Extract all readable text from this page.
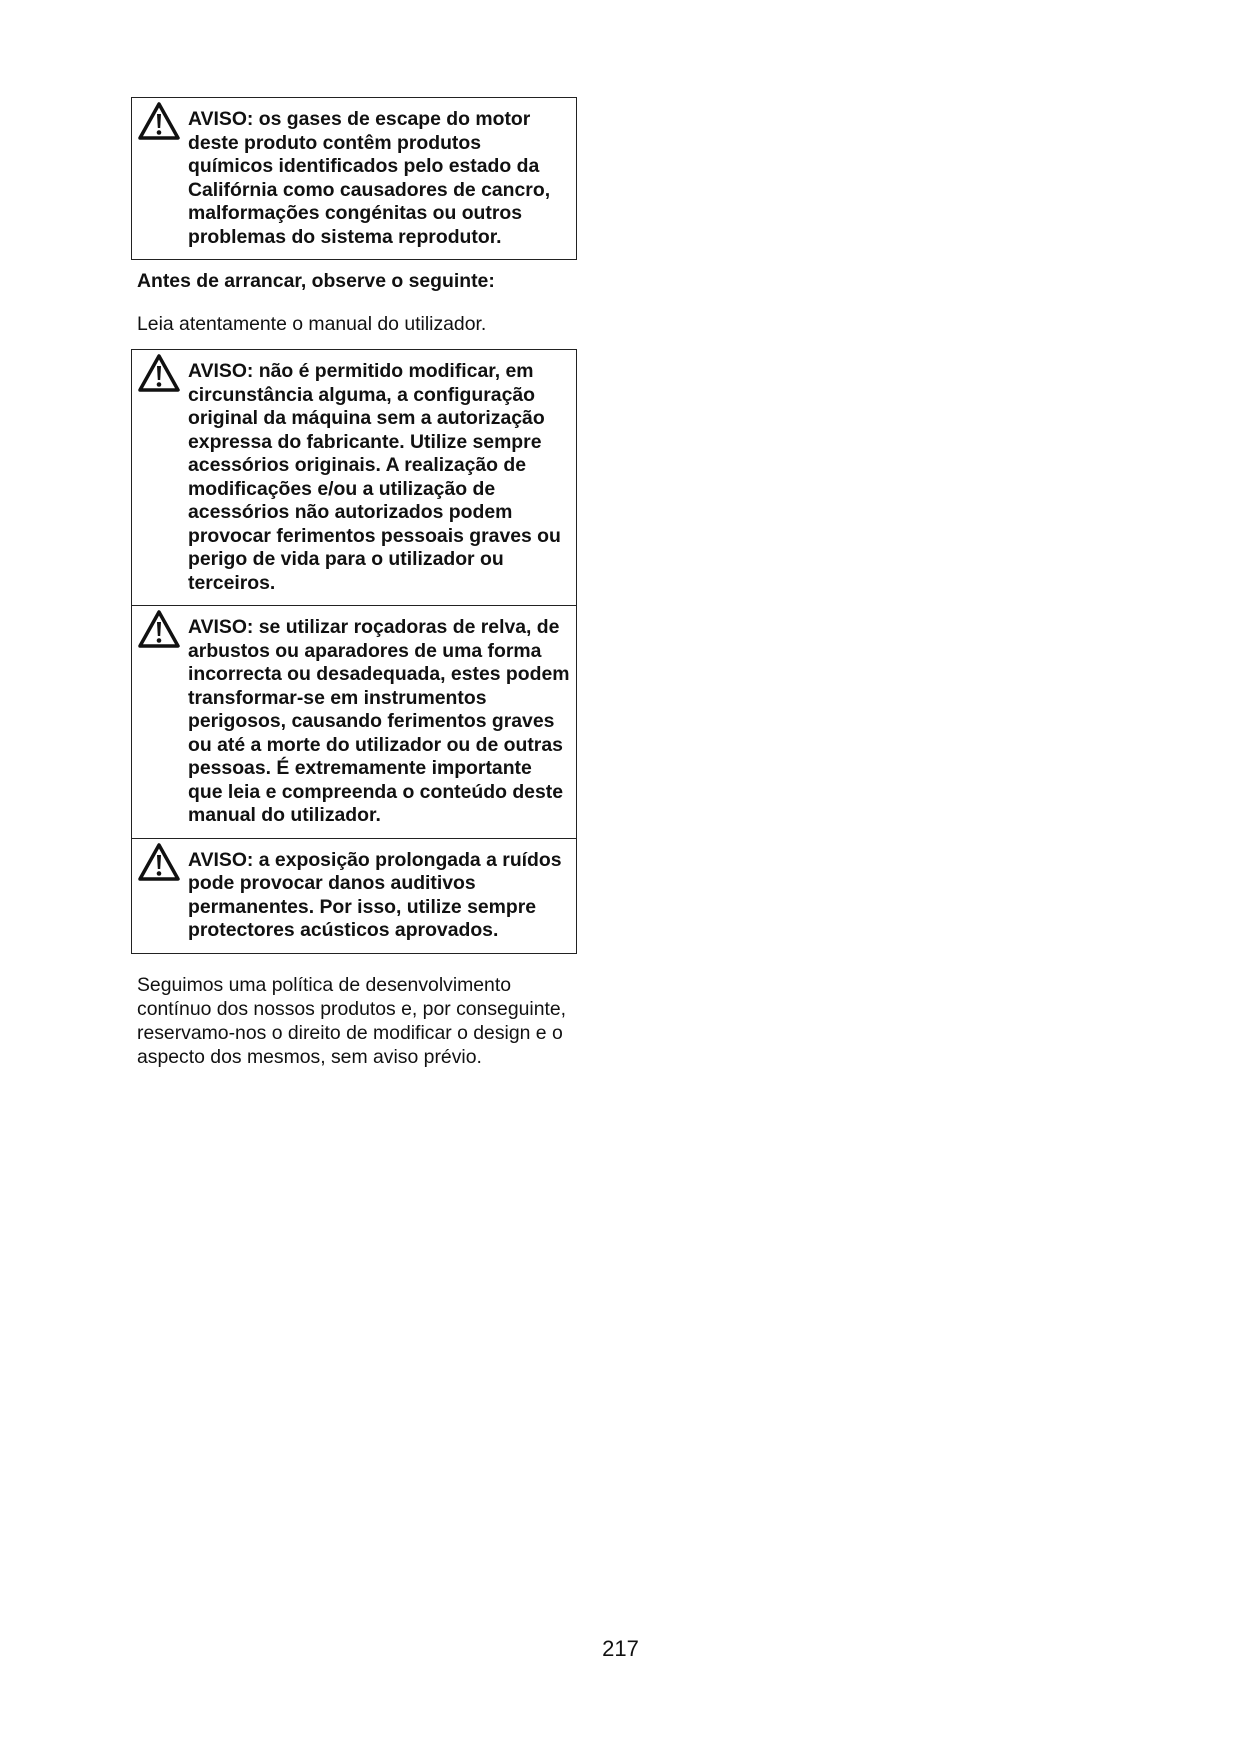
AVISO: os gases de escape do motor deste produto contêm produtos químicos identificados pelo estado da Califórnia como causadores de cancro, malformações congénitas ou outros problemas do sistema reprodutor.

Antes de arrancar, observe o seguinte:

Leia atentamente o manual do utilizador.

AVISO: não é permitido modificar, em circunstância alguma, a configuração original da máquina sem a autorização expressa do fabricante. Utilize sempre acessórios originais. A realização de modificações e/ou a utilização de acessórios não autorizados podem provocar ferimentos pessoais graves ou perigo de vida para o utilizador ou terceiros.

AVISO: se utilizar roçadoras de relva, de arbustos ou aparadores de uma forma incorrecta ou desadequada, estes podem transformar-se em instrumentos perigosos, causando ferimentos graves ou até a morte do utilizador ou de outras pessoas. É extremamente importante que leia e compreenda o conteúdo deste manual do utilizador.

AVISO: a exposição prolongada a ruídos pode provocar danos auditivos permanentes. Por isso, utilize sempre protectores acústicos aprovados.

Seguimos uma política de desenvolvimento contínuo dos nossos produtos e, por conseguinte, reservamo-nos o direito de modificar o design e o aspecto dos mesmos, sem aviso prévio.

217
